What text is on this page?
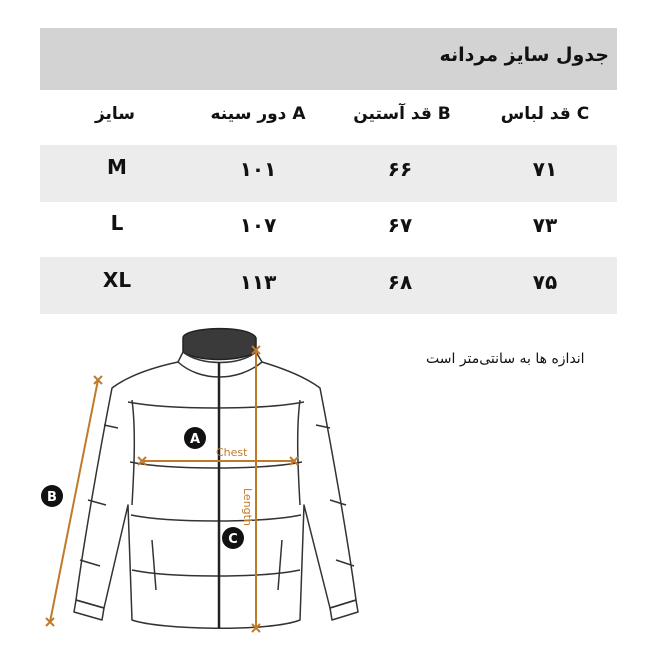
جدول سایز مردانه
C قد لباس
B قد آستین
A دور سینه
سایز
۷۱
۶۶
۱۰۱
M
۷۳
۶۷
۱۰۷
L
۷۵
۶۸
۱۱۳
XL
اندازه ها به سانتی‌متر است
Chest
Length
A
B
C
